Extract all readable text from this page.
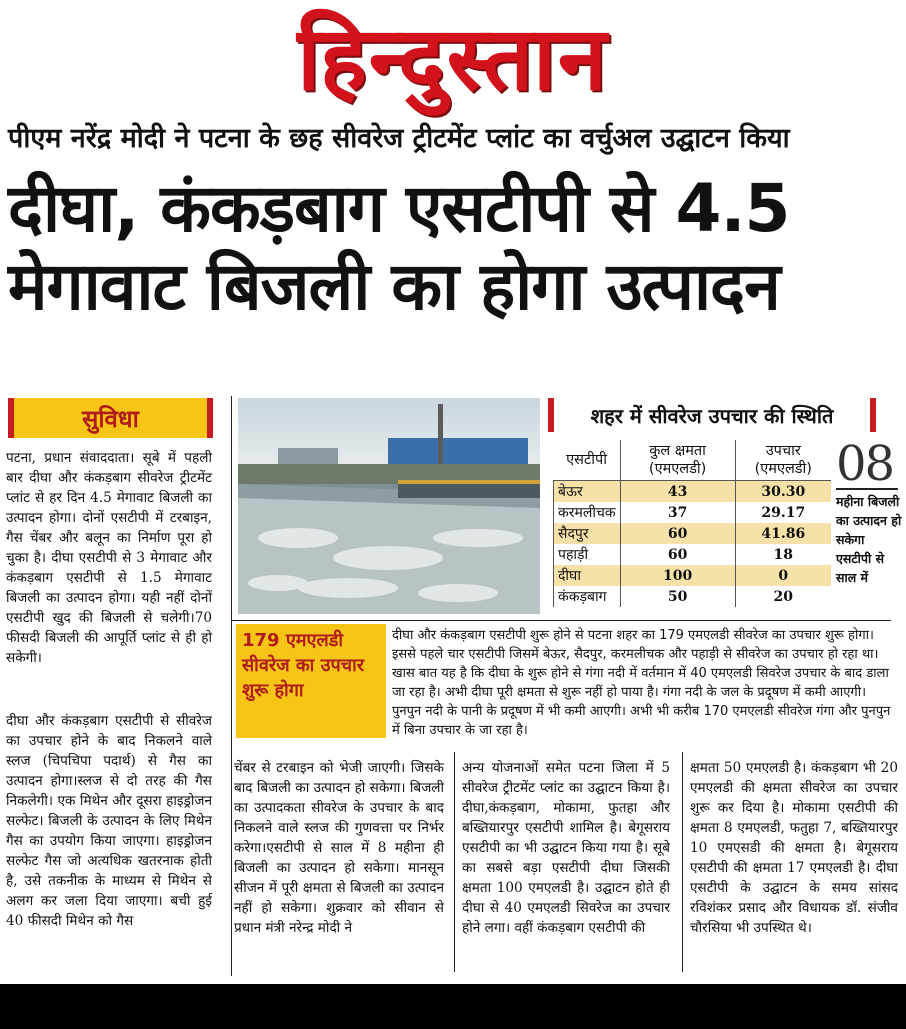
हिन्दुस्तान
पीएम नरेंद्र मोदी ने पटना के छह सीवरेज ट्रीटमेंट प्लांट का वर्चुअल उद्घाटन किया
दीघा, कंकड़बाग एसटीपी से 4.5 मेगावाट बिजली का होगा उत्पादन
सुविधा

पटना, प्रधान संवाददाता। सूबे में पहली बार दीघा और कंकड़बाग सीवरेज ट्रीटमेंट प्लांट से हर दिन 4.5 मेगावाट बिजली का उत्पादन होगा। दोनों एसटीपी में टरबाइन, गैस चेंबर और बलून का निर्माण पूरा हो चुका है। दीघा एसटीपी से 3 मेगावाट और कंकड़बाग एसटीपी से 1.5 मेगावाट बिजली का उत्पादन होगा। यही नहीं दोनों एसटीपी खुद की बिजली से चलेगी।70 फीसदी बिजली की आपूर्ति प्लांट से ही हो सकेगी।

दीघा और कंकड़बाग एसटीपी से सीवरेज का उपचार होने के बाद निकलने वाले स्लज (चिपचिपा पदार्थ) से गैस का उत्पादन होगा।स्लज से दो तरह की गैस निकलेगी। एक मिथेन और दूसरा हाइड्रोजन सल्फेट। बिजली के उत्पादन के लिए मिथेन गैस का उपयोग किया जाएगा। हाइड्रोजन सल्फेट गैस जो अत्यधिक खतरनाक होती है, उसे तकनीक के माध्यम से मिथेन से अलग कर जला दिया जाएगा। बची हुई 40 फीसदी मिथेन को गैस

शहर में सीवरेज उपचार की स्थिति
एसटीपी	कुल क्षमता (एमएलडी)	उपचार (एमएलडी)
बेऊर	43	30.30
करमलीचक	37	29.17
सैदपुर	60	41.86
पहाड़ी	60	18
दीघा	100	0
कंकड़बाग	50	20
08
महीना बिजली का उत्पादन हो सकेगा एसटीपी से साल में
179 एमएलडी सीवरेज का उपचार शुरू होगा
दीघा और कंकड़बाग एसटीपी शुरू होने से पटना शहर का 179 एमएलडी सीवरेज का उपचार शुरू होगा। इससे पहले चार एसटीपी जिसमें बेऊर, सैदपुर, करमलीचक और पहाड़ी से सीवरेज का उपचार हो रहा था। खास बात यह है कि दीघा के शुरू होने से गंगा नदी में वर्तमान में 40 एमएलडी सिवरेज उपचार के बाद डाला जा रहा है। अभी दीघा पूरी क्षमता से शुरू नहीं हो पाया है। गंगा नदी के जल के प्रदूषण में कमी आएगी। पुनपुन नदी के पानी के प्रदूषण में भी कमी आएगी। अभी भी करीब 170 एमएलडी सीवरेज गंगा और पुनपुन में बिना उपचार के जा रहा है।

चेंबर से टरबाइन को भेजी जाएगी। जिसके बाद बिजली का उत्पादन हो सकेगा। बिजली का उत्पादकता सीवरेज के उपचार के बाद निकलने वाले स्लज की गुणवत्ता पर निर्भर करेगा।एसटीपी से साल में 8 महीना ही बिजली का उत्पादन हो सकेगा। मानसून सीजन में पूरी क्षमता से बिजली का उत्पादन नहीं हो सकेगा। शुक्रवार को सीवान से प्रधान मंत्री नरेन्द्र मोदी ने

अन्य योजनाओं समेत पटना जिला में 5 सीवरेज ट्रीटमेंट प्लांट का उद्घाटन किया है। दीघा,कंकड़बाग, मोकामा, फुतहा और बख्तियारपुर एसटीपी शामिल है। बेगूसराय एसटीपी का भी उद्घाटन किया गया है। सूबे का सबसे बड़ा एसटीपी दीघा जिसकी क्षमता 100 एमएलडी है। उद्घाटन होते ही दीघा से 40 एमएलडी सिवरेज का उपचार होने लगा। वहीं कंकड़बाग एसटीपी की

क्षमता 50 एमएलडी है। कंकड़बाग भी 20 एमएलडी की क्षमता सीवरेज का उपचार शुरू कर दिया है। मोकामा एसटीपी की क्षमता 8 एमएलडी, फतुहा 7, बख्तियारपुर 10 एमएसडी की क्षमता है। बेगूसराय एसटीपी की क्षमता 17 एमएलडी है। दीघा एसटीपी के उद्घाटन के समय सांसद रविशंकर प्रसाद और विधायक डॉ. संजीव चौरसिया भी उपस्थित थे।
